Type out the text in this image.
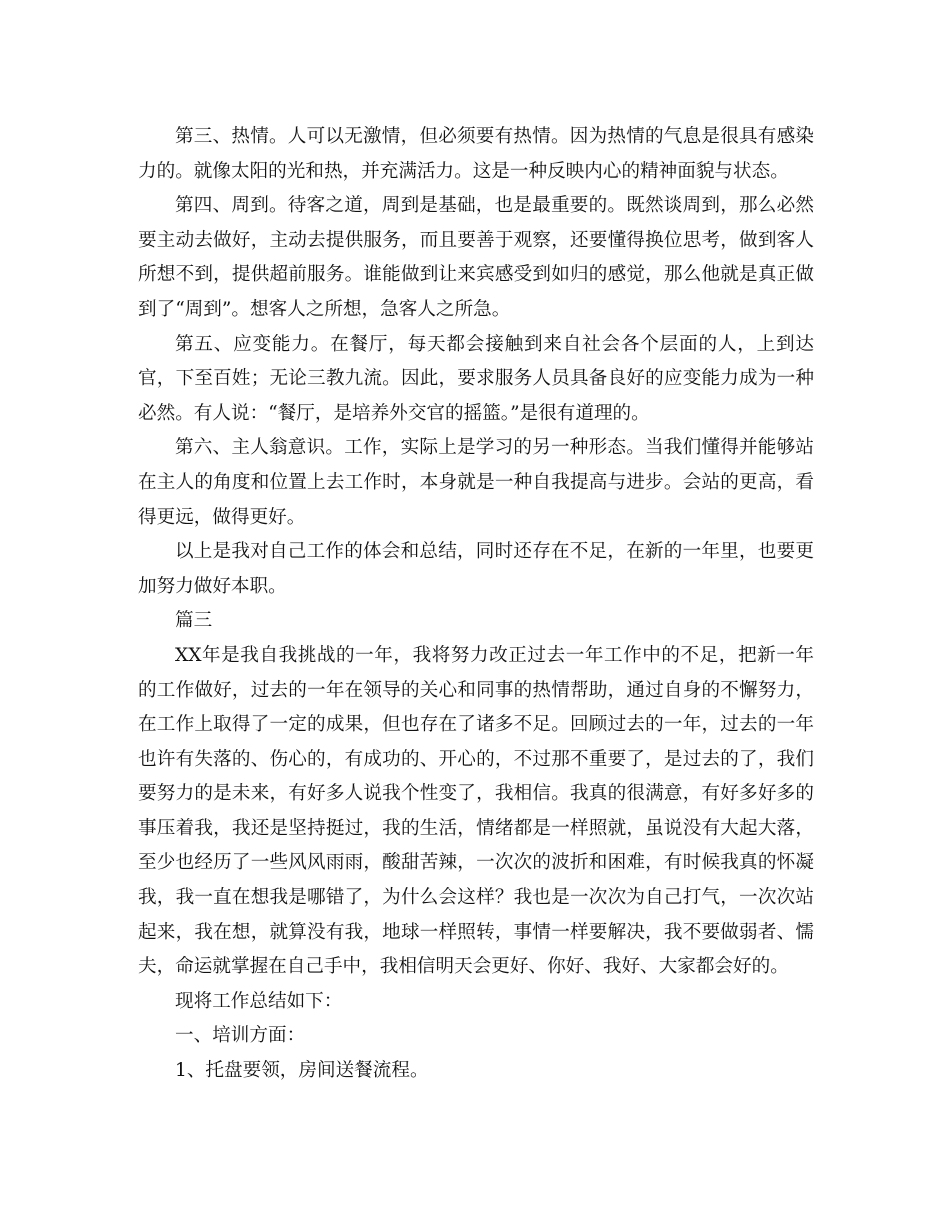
第三、热情。人可以无激情，但必须要有热情。因为热情的气息是很具有感染力的。就像太阳的光和热，并充满活力。这是一种反映内心的精神面貌与状态。

第四、周到。待客之道，周到是基础，也是最重要的。既然谈周到，那么必然要主动去做好，主动去提供服务，而且要善于观察，还要懂得换位思考，做到客人所想不到，提供超前服务。谁能做到让来宾感受到如归的感觉，那么他就是真正做到了“周到”。想客人之所想，急客人之所急。

第五、应变能力。在餐厅，每天都会接触到来自社会各个层面的人，上到达官，下至百姓；无论三教九流。因此，要求服务人员具备良好的应变能力成为一种必然。有人说：“餐厅，是培养外交官的摇篮。”是很有道理的。

第六、主人翁意识。工作，实际上是学习的另一种形态。当我们懂得并能够站在主人的角度和位置上去工作时，本身就是一种自我提高与进步。会站的更高，看得更远，做得更好。

以上是我对自己工作的体会和总结，同时还存在不足，在新的一年里，也要更加努力做好本职。

篇三

XX年是我自我挑战的一年，我将努力改正过去一年工作中的不足，把新一年的工作做好，过去的一年在领导的关心和同事的热情帮助，通过自身的不懈努力，在工作上取得了一定的成果，但也存在了诸多不足。回顾过去的一年，过去的一年也许有失落的、伤心的，有成功的、开心的，不过那不重要了，是过去的了，我们要努力的是未来，有好多人说我个性变了，我相信。我真的很满意，有好多好多的事压着我，我还是坚持挺过，我的生活，情绪都是一样照就，虽说没有大起大落，至少也经历了一些风风雨雨，酸甜苦辣，一次次的波折和困难，有时候我真的怀凝我，我一直在想我是哪错了，为什么会这样？我也是一次次为自己打气，一次次站起来，我在想，就算没有我，地球一样照转，事情一样要解决，我不要做弱者、懦夫，命运就掌握在自己手中，我相信明天会更好、你好、我好、大家都会好的。

现将工作总结如下：

一、培训方面：

1、托盘要领，房间送餐流程。
